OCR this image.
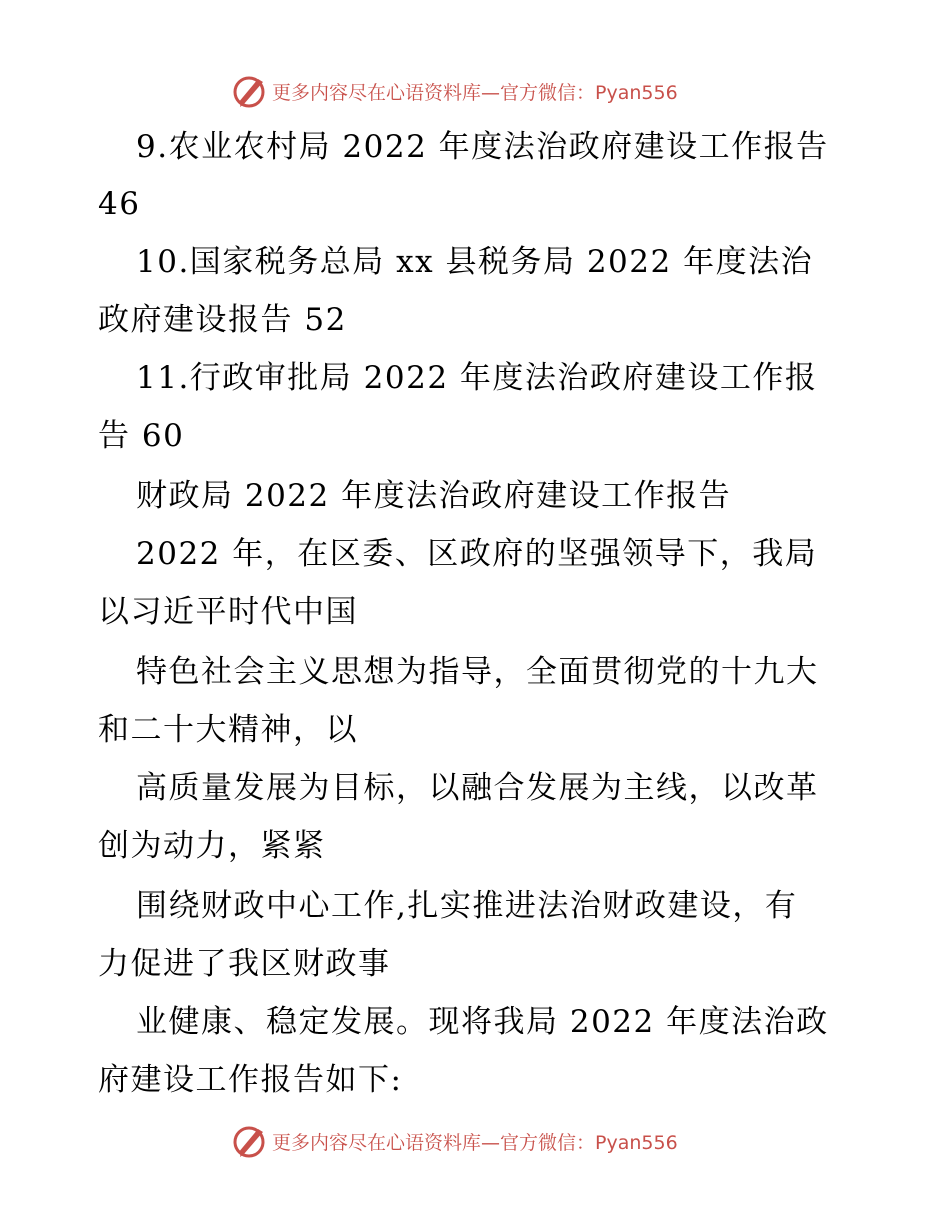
更多内容尽在心语资料库—官方微信：Pyan556
9.农业农村局 2022 年度法治政府建设工作报告
46
10.国家税务总局 xx 县税务局 2022 年度法治
政府建设报告 52
11.行政审批局 2022 年度法治政府建设工作报
告 60
财政局 2022 年度法治政府建设工作报告
2022 年，在区委、区政府的坚强领导下，我局
以习近平时代中国
特色社会主义思想为指导，全面贯彻党的十九大
和二十大精神，以
高质量发展为目标，以融合发展为主线，以改革
创为动力，紧紧
围绕财政中心工作,扎实推进法治财政建设，有
力促进了我区财政事
业健康、稳定发展。现将我局 2022 年度法治政
府建设工作报告如下:
更多内容尽在心语资料库—官方微信：Pyan556
